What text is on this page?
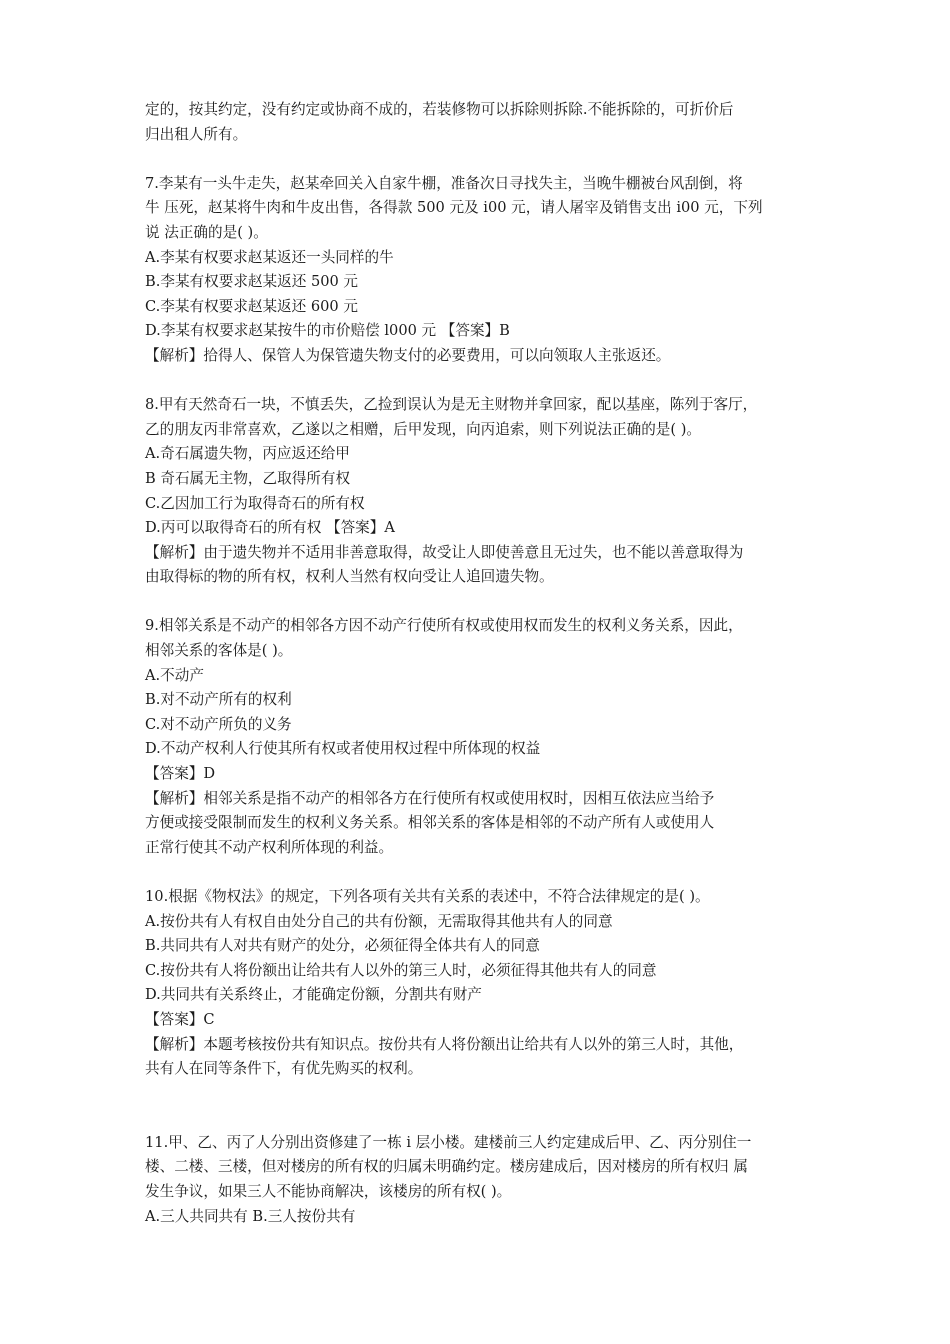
定的，按其约定，没有约定或协商不成的，若装修物可以拆除则拆除.不能拆除的，可折价后

归出租人所有。

7.李某有一头牛走失，赵某牵回关入自家牛棚，准备次日寻找失主，当晚牛棚被台风刮倒，将

牛 压死，赵某将牛肉和牛皮出售，各得款 500 元及 i00 元，请人屠宰及销售支出 i00 元，下列

说 法正确的是( )。

A.李某有权要求赵某返还一头同样的牛

B.李某有权要求赵某返还 500 元

C.李某有权要求赵某返还 600 元

D.李某有权要求赵某按牛的市价赔偿 l000 元 【答案】B

【解析】拾得人、保管人为保管遗失物支付的必要费用，可以向领取人主张返还。

8.甲有天然奇石一块，不慎丢失，乙捡到误认为是无主财物并拿回家，配以基座，陈列于客厅，

乙的朋友丙非常喜欢，乙遂以之相赠，后甲发现，向丙追索，则下列说法正确的是( )。

A.奇石属遗失物，丙应返还给甲

B 奇石属无主物，乙取得所有权

C.乙因加工行为取得奇石的所有权

D.丙可以取得奇石的所有权 【答案】A

【解析】由于遗失物并不适用非善意取得，故受让人即使善意且无过失，也不能以善意取得为

由取得标的物的所有权，权利人当然有权向受让人追回遗失物。

9.相邻关系是不动产的相邻各方因不动产行使所有权或使用权而发生的权利义务关系，因此，

相邻关系的客体是( )。

A.不动产

B.对不动产所有的权利

C.对不动产所负的义务

D.不动产权利人行使其所有权或者使用权过程中所体现的权益

【答案】D

【解析】相邻关系是指不动产的相邻各方在行使所有权或使用权时，因相互依法应当给予

方便或接受限制而发生的权利义务关系。相邻关系的客体是相邻的不动产所有人或使用人

正常行使其不动产权利所体现的利益。

10.根据《物权法》的规定，下列各项有关共有关系的表述中，不符合法律规定的是( )。

A.按份共有人有权自由处分自己的共有份额，无需取得其他共有人的同意

B.共同共有人对共有财产的处分，必须征得全体共有人的同意

C.按份共有人将份额出让给共有人以外的第三人时，必须征得其他共有人的同意

D.共同共有关系终止，才能确定份额，分割共有财产

【答案】C

【解析】本题考核按份共有知识点。按份共有人将份额出让给共有人以外的第三人时，其他，

共有人在同等条件下，有优先购买的权利。

11.甲、乙、丙了人分别出资修建了一栋 i 层小楼。建楼前三人约定建成后甲、乙、丙分别住一

楼、二楼、三楼，但对楼房的所有权的归属未明确约定。楼房建成后，因对楼房的所有权归 属

发生争议，如果三人不能协商解决，该楼房的所有权( )。

A.三人共同共有 B.三人按份共有
